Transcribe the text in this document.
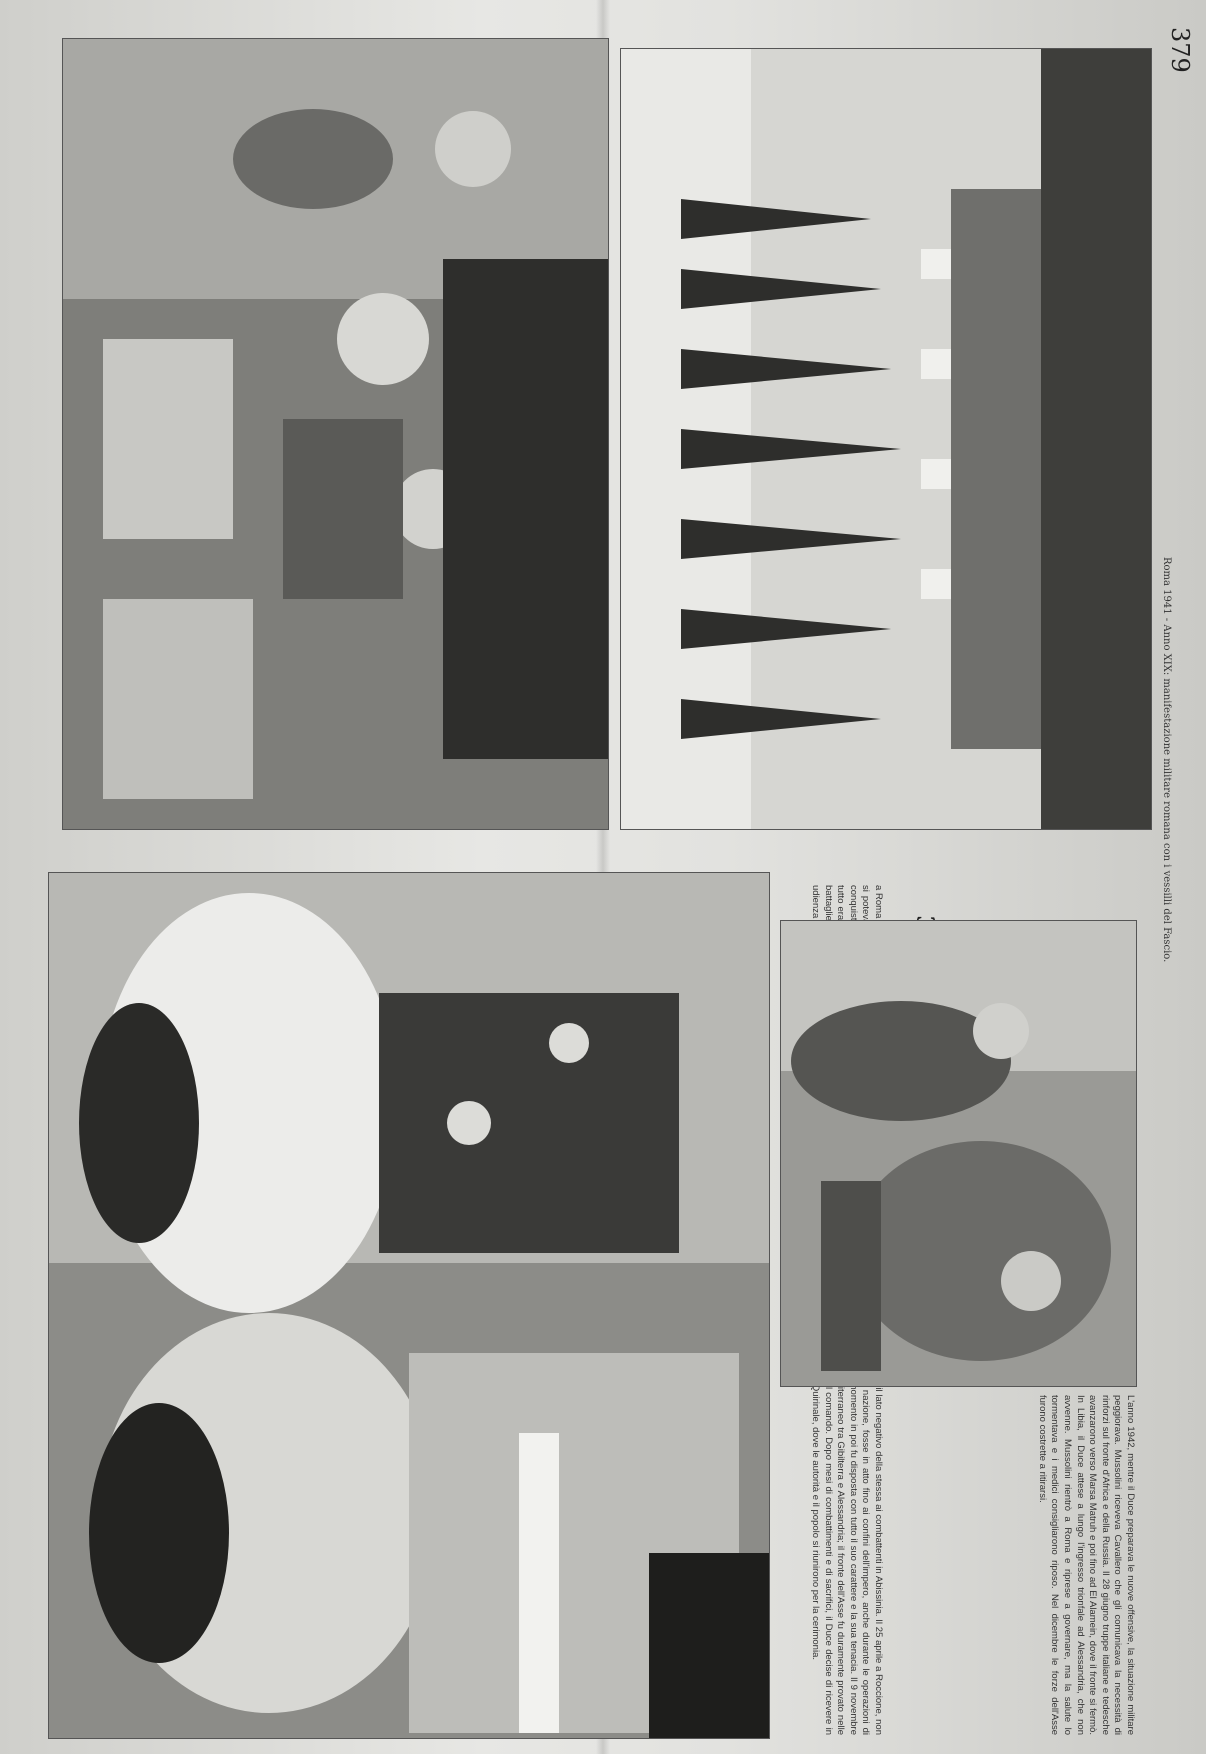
379
a Roma il lato negativo della stessa ai combattenti in Abissinia. Il 25 aprile a Roccione, non si poteva nazione, fosse in atto fino ai confini dell'impero, anche durante le operazioni di conquista. momento in poi fu disposta con tutto il suo carattere e la sua tenacia. Il 9 novembre tutto era Mediterraneo tra Gibilterra e Alessandria; il fronte dell'Asse fu duramente provato nelle battaglie comando. Dopo mesi di combattimenti e di sacrifici, il Duce decise di ricevere in udienza Quirinale, dove le autorità e il popolo si riunirono per la cerimonia.	L'anno 1942, mentre il Duce preparava le nuove offensive, la situazione militare peggiorava. Mussolini riceveva Cavallero che gli comunicava la necessità di rinforzi sul fronte d'Africa e della Russia. Il 28 giugno truppe italiane e tedesche avanzarono verso Marsa Matruh e poi fino ad El Alamein, dove il fronte si fermò. In Libia, il Duce attese a lungo l'ingresso trionfale ad Alessandria, che non avvenne. Mussolini rientrò a Roma e riprese a governare, ma la salute lo tormentava e i medici consigliarono riposo. Nel dicembre le forze dell'Asse furono costrette a ritirarsi.
Roma 1941 - Anno XIX: manifestazione militare romana con i vessilli del Fascio.
